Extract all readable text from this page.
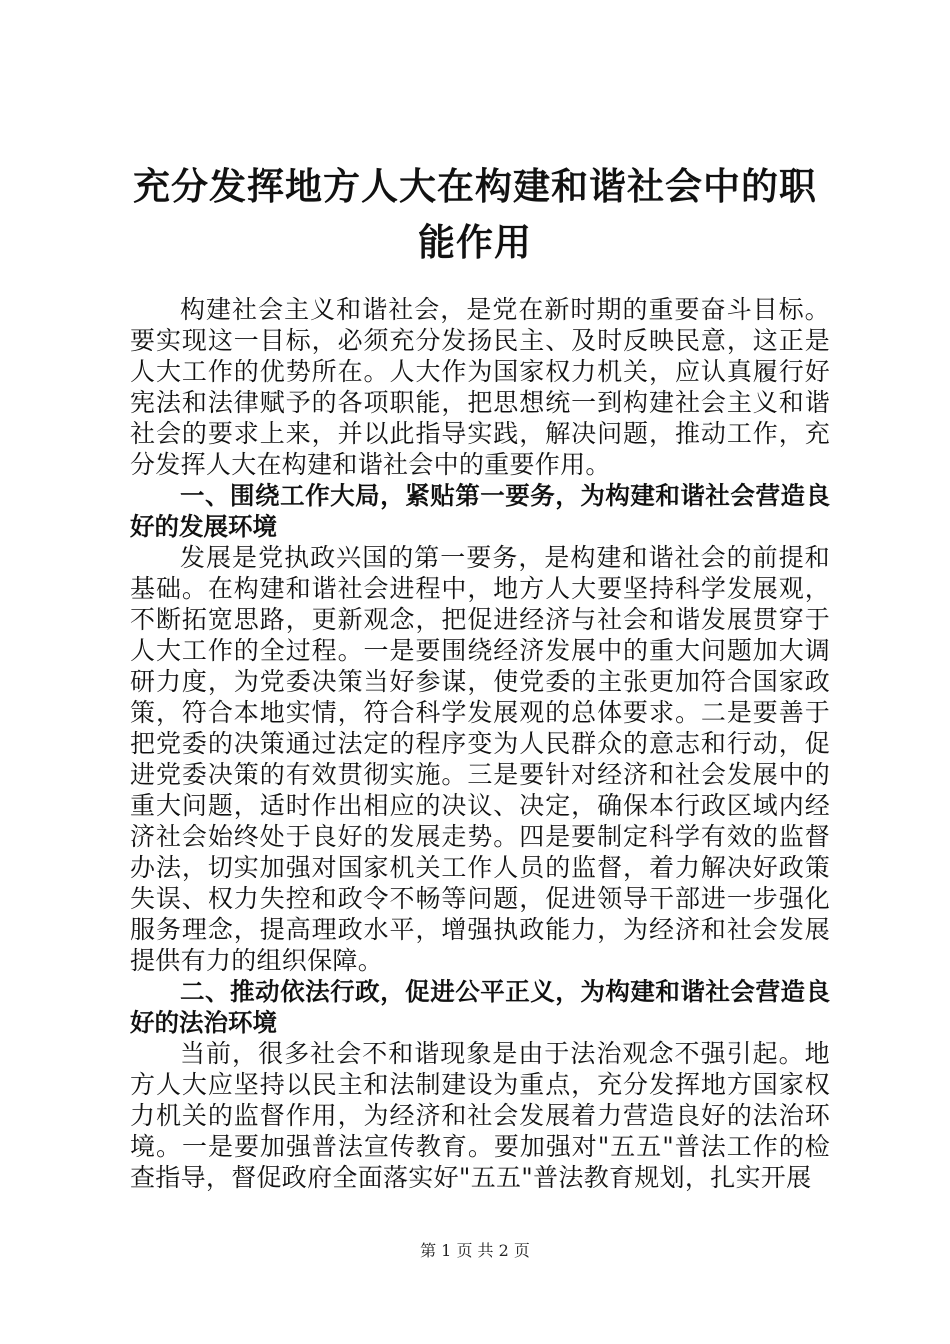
充分发挥地方人大在构建和谐社会中的职能作用

构建社会主义和谐社会，是党在新时期的重要奋斗目标。要实现这一目标，必须充分发扬民主、及时反映民意，这正是人大工作的优势所在。人大作为国家权力机关，应认真履行好宪法和法律赋予的各项职能，把思想统一到构建社会主义和谐社会的要求上来，并以此指导实践，解决问题，推动工作，充分发挥人大在构建和谐社会中的重要作用。

一、围绕工作大局，紧贴第一要务，为构建和谐社会营造良好的发展环境

发展是党执政兴国的第一要务，是构建和谐社会的前提和基础。在构建和谐社会进程中，地方人大要坚持科学发展观，不断拓宽思路，更新观念，把促进经济与社会和谐发展贯穿于人大工作的全过程。一是要围绕经济发展中的重大问题加大调研力度，为党委决策当好参谋，使党委的主张更加符合国家政策，符合本地实情，符合科学发展观的总体要求。二是要善于把党委的决策通过法定的程序变为人民群众的意志和行动，促进党委决策的有效贯彻实施。三是要针对经济和社会发展中的重大问题，适时作出相应的决议、决定，确保本行政区域内经济社会始终处于良好的发展走势。四是要制定科学有效的监督办法，切实加强对国家机关工作人员的监督，着力解决好政策失误、权力失控和政令不畅等问题，促进领导干部进一步强化服务理念，提高理政水平，增强执政能力，为经济和社会发展提供有力的组织保障。

二、推动依法行政，促进公平正义，为构建和谐社会营造良好的法治环境

当前，很多社会不和谐现象是由于法治观念不强引起。地方人大应坚持以民主和法制建设为重点，充分发挥地方国家权力机关的监督作用，为经济和社会发展着力营造良好的法治环境。一是要加强普法宣传教育。要加强对"五五"普法工作的检查指导，督促政府全面落实好"五五"普法教育规划，扎实开展

第 1 页 共 2 页
